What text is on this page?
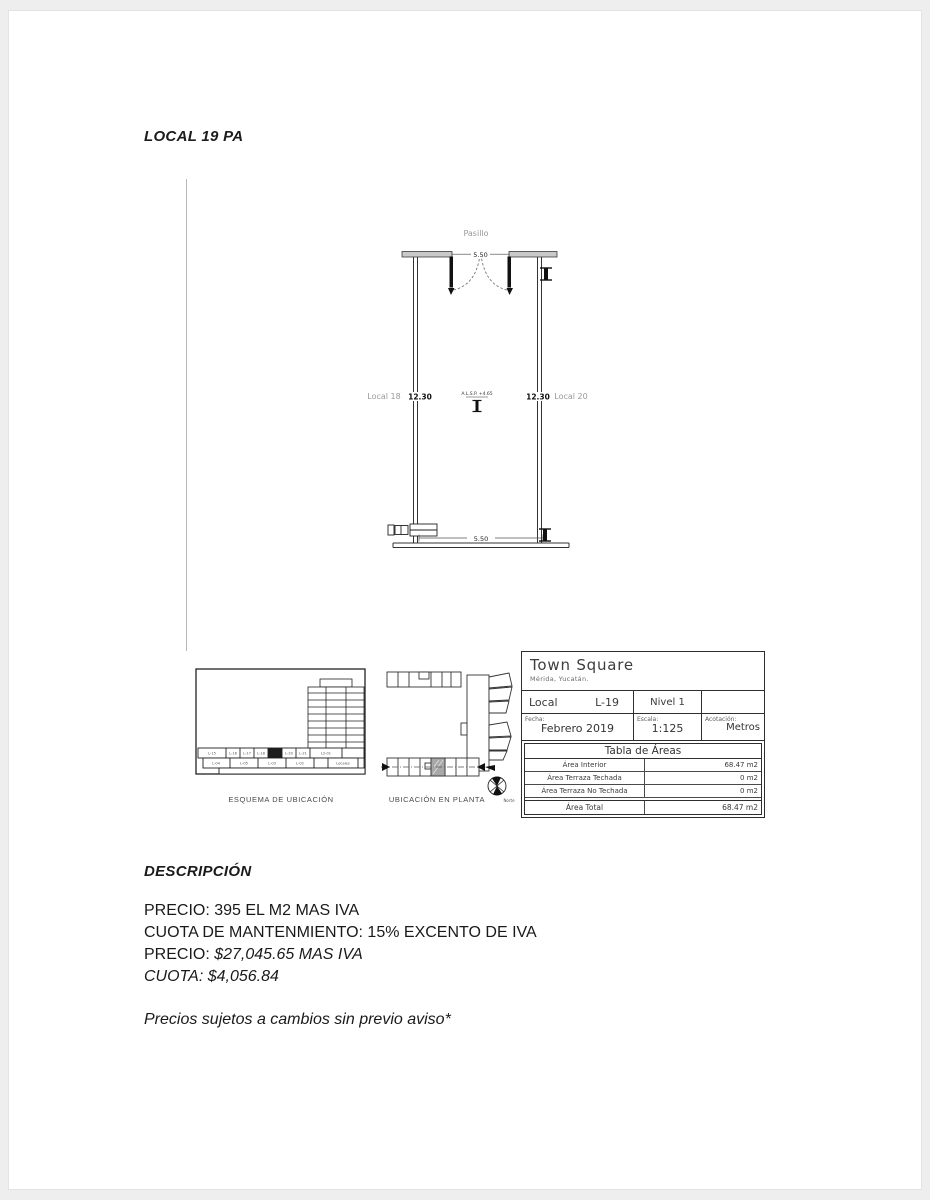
LOCAL 19 PA
Pasillo
5.50
5.50
A.L.S.P. +4.65
Local 18 12.30	12.30 Local 20
L-15	L-16 L-17 L-18	L-20 L-21	L2-01
L-04	L-05	L-03	L-02	Locales
ESQUEMA DE UBICACIÓN	Norte
UBICACIÓN EN PLANTA
Town Square
Mérida, Yucatán.
Local	L-19	Nivel 1
Fecha:
Febrero 2019
Escala:
1:125
Acotación:
Metros
Tabla de Áreas
Área Interior	68.47 m2
Área Terraza Techada	0 m2
Área Terraza No Techada	0 m2
Área Total	68.47 m2

DESCRIPCIÓN

PRECIO: 395 EL M2 MAS IVA

CUOTA DE MANTENMIENTO: 15% EXCENTO DE IVA

PRECIO: $27,045.65 MAS IVA

CUOTA: $4,056.84

Precios sujetos a cambios sin previo aviso*
